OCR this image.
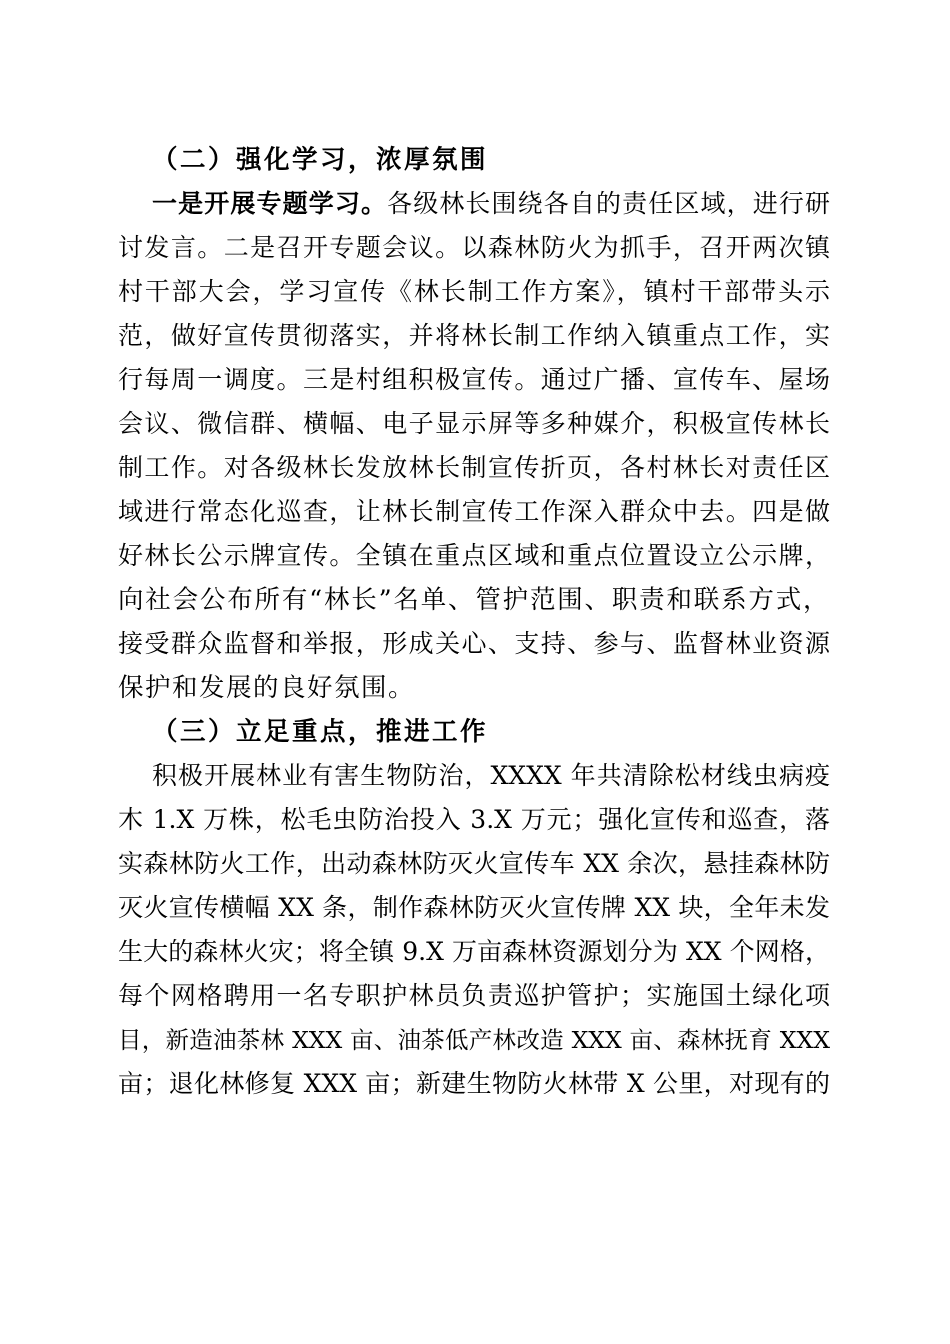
（二）强化学习，浓厚氛围
一是开展专题学习。各级林长围绕各自的责任区域，进行研
讨发言。二是召开专题会议。以森林防火为抓手，召开两次镇
村干部大会，学习宣传《林长制工作方案》，镇村干部带头示
范，做好宣传贯彻落实，并将林长制工作纳入镇重点工作，实
行每周一调度。三是村组积极宣传。通过广播、宣传车、屋场
会议、微信群、横幅、电子显示屏等多种媒介，积极宣传林长
制工作。对各级林长发放林长制宣传折页，各村林长对责任区
域进行常态化巡查，让林长制宣传工作深入群众中去。四是做
好林长公示牌宣传。全镇在重点区域和重点位置设立公示牌，
向社会公布所有“林长”名单、管护范围、职责和联系方式，
接受群众监督和举报，形成关心、支持、参与、监督林业资源
保护和发展的良好氛围。
（三）立足重点，推进工作
积极开展林业有害生物防治，XXXX 年共清除松材线虫病疫
木 1.X 万株，松毛虫防治投入 3.X 万元；强化宣传和巡查，落
实森林防火工作，出动森林防灭火宣传车 XX 余次，悬挂森林防
灭火宣传横幅 XX 条，制作森林防灭火宣传牌 XX 块，全年未发
生大的森林火灾；将全镇 9.X 万亩森林资源划分为 XX 个网格，
每个网格聘用一名专职护林员负责巡护管护；实施国土绿化项
目，新造油茶林 XXX 亩、油茶低产林改造 XXX 亩、森林抚育 XXX
亩；退化林修复 XXX 亩；新建生物防火林带 X 公里，对现有的
